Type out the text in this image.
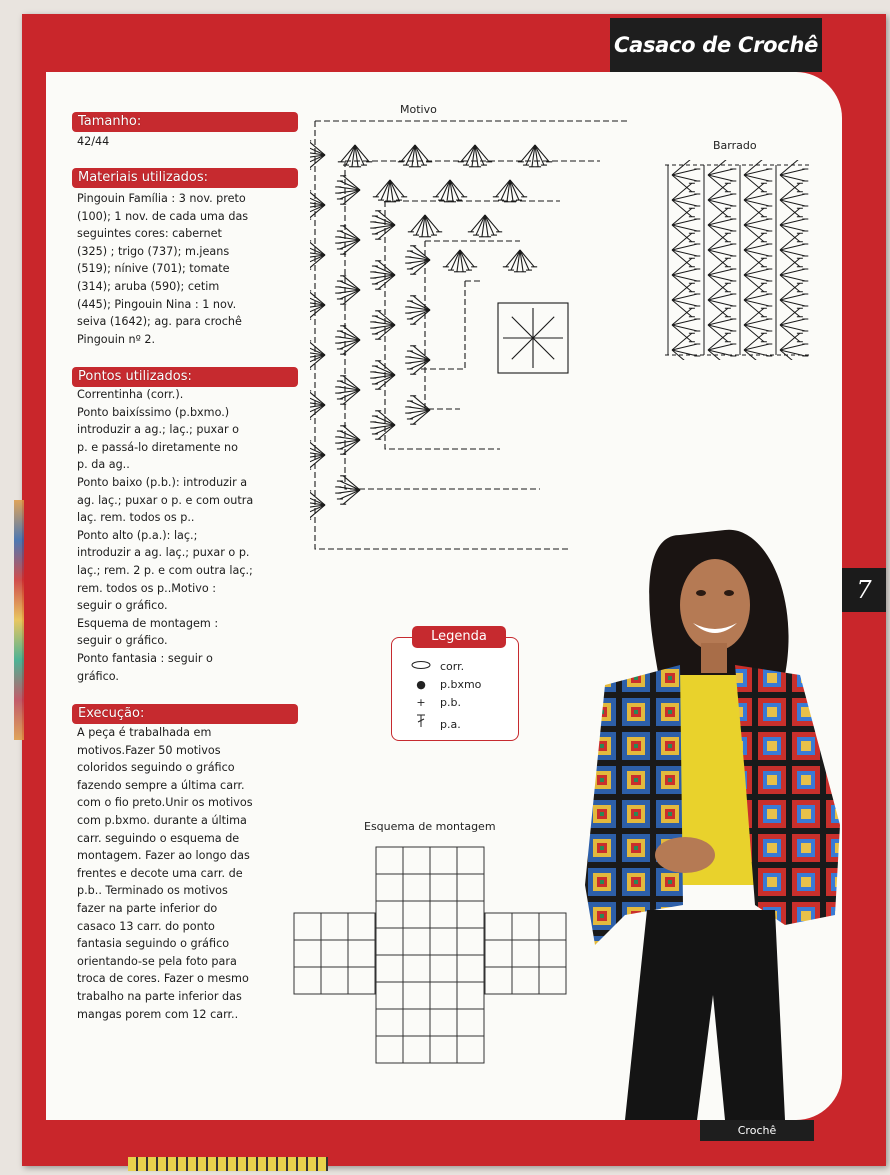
Casaco de Crochê
7
Crochê
Tamanho:
42/44
Materiais utilizados:
Pingouin Família : 3 nov. preto
(100); 1 nov. de cada uma das
seguintes cores: cabernet
(325) ; trigo (737); m.jeans
(519); nínive (701); tomate
(314); aruba (590); cetim
(445); Pingouin Nina : 1 nov.
seiva (1642); ag. para crochê
Pingouin nº 2.
Pontos utilizados:
Correntinha (corr.).
Ponto baixíssimo (p.bxmo.)
introduzir a ag.; laç.; puxar o
p. e passá-lo diretamente no
p. da ag..
Ponto baixo (p.b.): introduzir a
ag. laç.; puxar o p. e com outra
laç. rem. todos os p..
Ponto alto (p.a.): laç.;
introduzir a ag. laç.; puxar o p.
laç.; rem. 2 p. e com outra laç.;
rem. todos os p..Motivo :
seguir o gráfico.
Esquema de montagem :
seguir o gráfico.
Ponto fantasia : seguir o
gráfico.
Execução:
A peça é trabalhada em
motivos.Fazer 50 motivos
coloridos seguindo o gráfico
fazendo sempre a última carr.
com o fio preto.Unir os motivos
com p.bxmo. durante a última
carr. seguindo o esquema de
montagem. Fazer ao longo das
frentes e decote uma carr. de
p.b.. Terminado os motivos
fazer na parte inferior do
casaco 13 carr. do ponto
fantasia seguindo o gráfico
orientando-se pela foto para
troca de cores. Fazer o mesmo
trabalho na parte inferior das
mangas porem com 12 carr..
Motivo
Barrado
Esquema de montagem
Legenda
corr.
● p.bxmo
+ p.b.
p.a.
